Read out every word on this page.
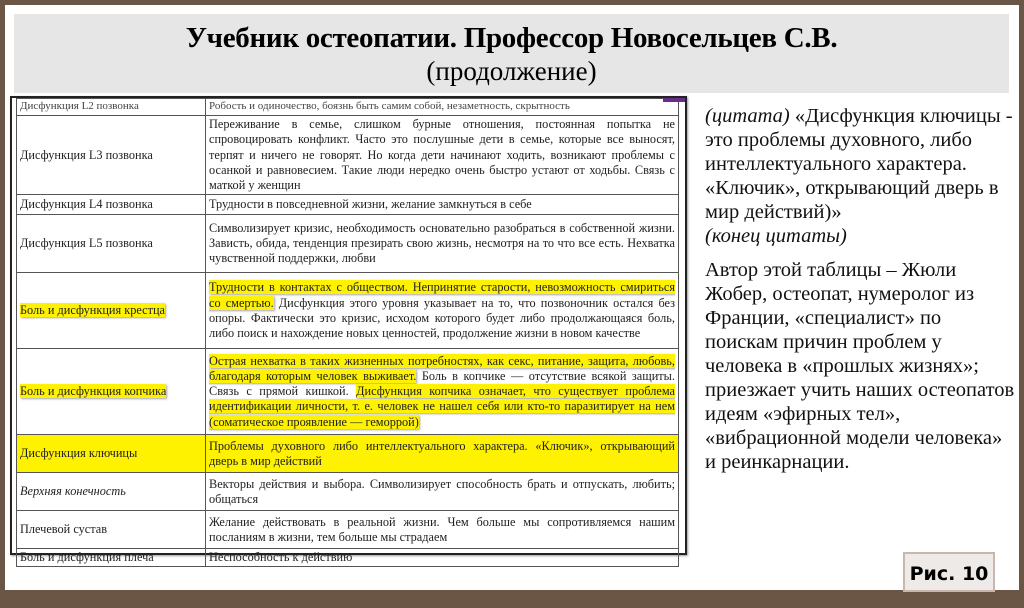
Учебник остеопатии. Профессор Новосельцев С.В.
(продолжение)
Дисфункция L2 позвонка	Робость и одиночество, боязнь быть самим собой, незаметность, скрытность
Дисфункция L3 позвонка	Переживание в семье, слишком бурные отношения, постоянная попытка не спровоцировать конфликт. Часто это послушные дети в семье, которые все выносят, терпят и ничего не говорят. Но когда дети начинают ходить, возникают проблемы с осанкой и равновесием. Такие люди нередко очень быстро устают от ходьбы. Связь с маткой у женщин
Дисфункция L4 позвонка	Трудности в повседневной жизни, желание замкнуться в себе
Дисфункция L5 позвонка	Символизирует кризис, необходимость основательно разобраться в собственной жизни. Зависть, обида, тенденция презирать свою жизнь, несмотря на то что все есть. Нехватка чувственной поддержки, любви
Боль и дисфункция крестца	Трудности в контактах с обществом. Непринятие старости, невозможность смириться со смертью. Дисфункция этого уровня указывает на то, что позвоночник остался без опоры. Фактически это кризис, исходом которого будет либо продолжающаяся боль, либо поиск и нахождение новых ценностей, продолжение жизни в новом качестве
Боль и дисфункция копчика	Острая нехватка в таких жизненных потребностях, как секс, питание, защита, любовь, благодаря которым человек выживает. Боль в копчике — отсутствие всякой защиты. Связь с прямой кишкой. Дисфункция копчика означает, что существует проблема идентификации личности, т. е. человек не нашел себя или кто-то паразитирует на нем (соматическое проявление — геморрой)
Дисфункция ключицы	Проблемы духовного либо интеллектуального характера. «Ключик», открывающий дверь в мир действий
Верхняя конечность	Векторы действия и выбора. Символизирует способность брать и отпускать, любить; общаться
Плечевой сустав	Желание действовать в реальной жизни. Чем больше мы сопротивляемся нашим посланиям в жизни, тем больше мы страдаем
Боль и дисфункция плеча	Неспособность к действию

(цитата) «Дисфункция ключицы - это проблемы духовного, либо интеллектуального характера. «Ключик», открывающий дверь в мир действий)»
(конец цитаты)

Автор этой таблицы – Жюли Жобер, остеопат, нумеролог из Франции, «специалист» по поискам причин проблем у человека в «прошлых жизнях»; приезжает учить наших остеопатов идеям «эфирных тел», «вибрационной модели человека» и реинкарнации.

Рис. 10
